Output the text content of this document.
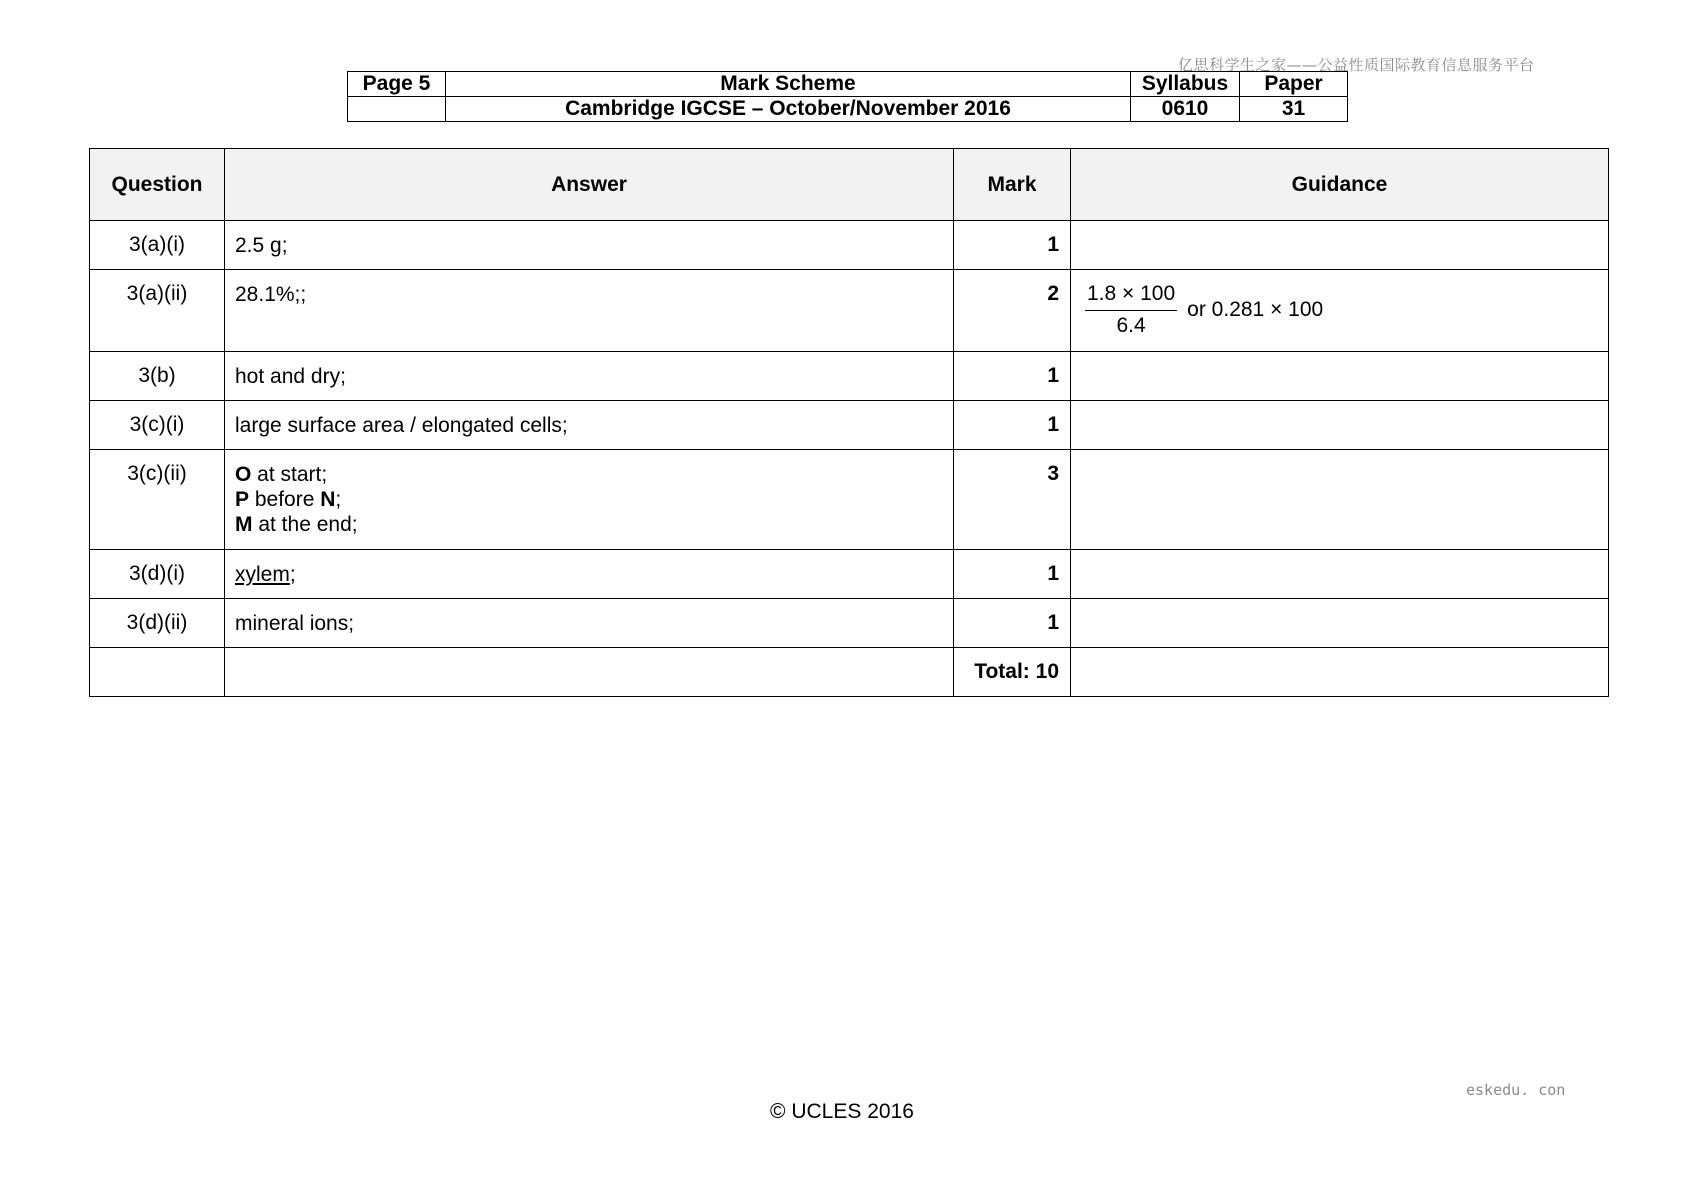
亿思科学生之家——公益性质国际教育信息服务平台
Page 5	Mark Scheme	Syllabus	Paper
	Cambridge IGCSE – October/November 2016	0610	31
Question	Answer	Mark	Guidance
3(a)(i)	2.5 g;	1	
3(a)(ii)	28.1%;;	2	$\frac{1.8 \times 100}{6.4}$ or 0.281 × 100
3(b)	hot and dry;	1	
3(c)(i)	large surface area / elongated cells;	1	
3(c)(ii)	O at start;
P before N;
M at the end;	3	
3(d)(i)	xylem;	1	
3(d)(ii)	mineral ions;	1	
		Total: 10	
eskedu. con
© UCLES 2016
